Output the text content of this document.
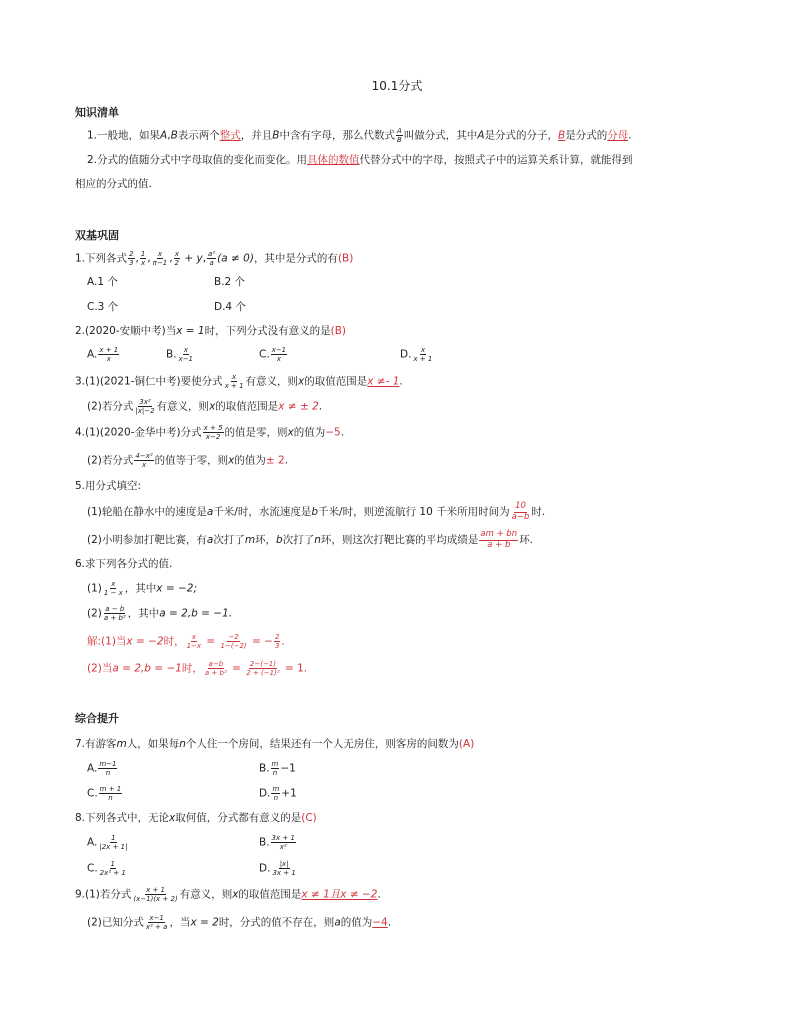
10.1分式
知识清单
1.一般地，如果A,B表示两个整式，并且B中含有字母，那么代数式 $\frac{A}{B}$ 叫做分式，其中A是分式的分子，B是分式的分母.
2.分式的值随分式中字母取值的变化而变化。用具体的数值代替分式中的字母，按照式子中的运算关系计算，就能得到
相应的分式的值.
双基巩固
1.下列各式 $\frac{2}{3}$ , $\frac{1}{x}$ , $\frac{x}{\pi-1}$ , $\frac{x}{2} + y$, $\frac{\text{a²}}{a} (a \ne 0)$，其中是分式的有(B)
A.1 个	B.2 个
C.3 个	D.4 个
2.(2020-安顺中考)当x = 1时，下列分式没有意义的是(B)
A. $\frac{x + 1}{x}$	B. $\frac{x}{x-1}$	C. $\frac{x-1}{x}$	D. $\frac{x}{x + 1}$
3.(1)(2021-铜仁中考)要使分式 $\frac{x}{x + 1}$ 有意义，则x的取值范围是x ≠- 1.
(2)若分式 $\frac{\text{3x²}}{|x|-2}$ 有意义，则x的取值范围是x ≠ ± 2.
4.(1)(2020-金华中考)分式 $\frac{x + 5}{x-2}$ 的值是零，则x的值为−5.
(2)若分式 $\frac{\text{4−x²}}{x}$ 的值等于零，则x的值为± 2.
5.用分式填空:
(1)轮船在静水中的速度是a千米/时，水流速度是b千米/时，则逆流航行 10 千米所用时间为 $\frac{10}{a-b}$ 时.
(2)小明参加打靶比赛，有a次打了m环，b次打了n环，则这次打靶比赛的平均成绩是 $\frac{am + bn}{a + b}$ 环.
6.求下列各分式的值.
$(1) \frac{x}{1 - x}$ ，其中x = −2;
$(2) \frac{a - b}{\text{a + b²}}$ ，其中a = 2,b = −1.
解:(1)当x = −2时， $\frac{x}{1-x} = \frac{-2}{1-(-2)}$ = − $\frac{2}{3}$ .
(2)当a = 2,b = −1时， $\frac{a-b}{\text{a + b²}} = \frac{2-(-1)}{\text{2 + (−1)²}} = 1$.
综合提升
7.有游客m人，如果每n个人住一个房间，结果还有一个人无房住，则客房的间数为(A)
A. $\frac{m-1}{n}$	B. $\frac{m}{n} -1$
C. $\frac{m + 1}{n}$	D. $\frac{m}{n} +1$
8.下列各式中，无论x取何值，分式都有意义的是(C)
A. $\frac{1}{|2x + 1|}$	B. $\frac{3x + 1}{\text{x²}}$
C. $\frac{1}{\text{2x² + 1}}$	D. $\frac{|x|}{3x + 1}$
9.(1)若分式 $\frac{x + 1}{(x-1)(x + 2)}$ 有意义，则x的取值范围是x ≠ 1且x ≠ −2.
(2)已知分式 $\frac{x-1}{\text{x² + a}}$ ，当x = 2时，分式的值不存在，则a的值为−4.
